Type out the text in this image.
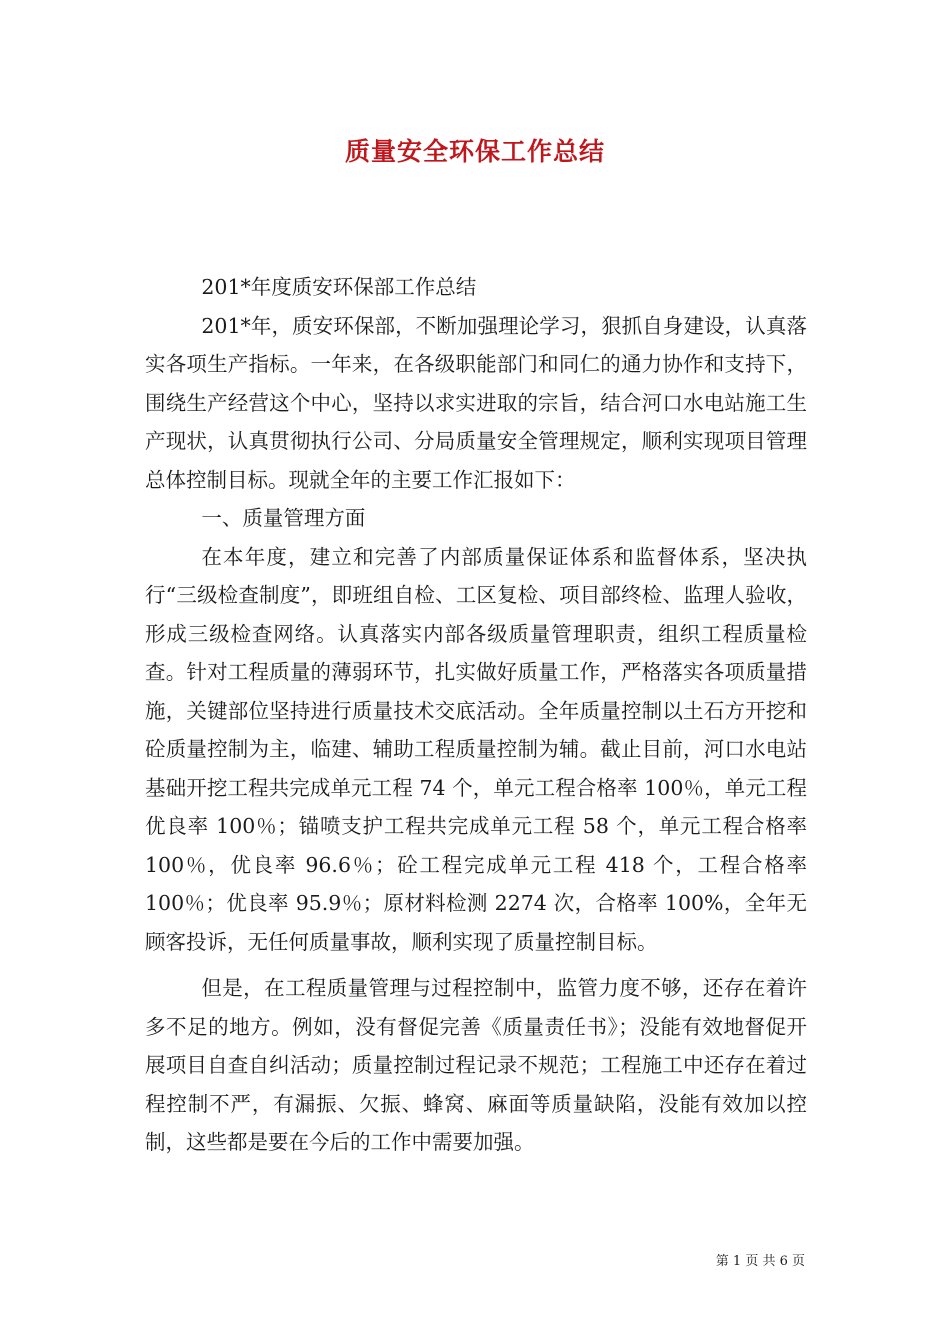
质量安全环保工作总结

201*年度质安环保部工作总结

201*年，质安环保部，不断加强理论学习，狠抓自身建设，认真落实各项生产指标。一年来，在各级职能部门和同仁的通力协作和支持下，围绕生产经营这个中心，坚持以求实进取的宗旨，结合河口水电站施工生产现状，认真贯彻执行公司、分局质量安全管理规定，顺利实现项目管理总体控制目标。现就全年的主要工作汇报如下：

一、质量管理方面

在本年度，建立和完善了内部质量保证体系和监督体系，坚决执行“三级检查制度”，即班组自检、工区复检、项目部终检、监理人验收，形成三级检查网络。认真落实内部各级质量管理职责，组织工程质量检查。针对工程质量的薄弱环节，扎实做好质量工作，严格落实各项质量措施，关键部位坚持进行质量技术交底活动。全年质量控制以土石方开挖和砼质量控制为主，临建、辅助工程质量控制为辅。截止目前，河口水电站基础开挖工程共完成单元工程 74 个，单元工程合格率 100％，单元工程优良率 100％；锚喷支护工程共完成单元工程 58 个，单元工程合格率 100％，优良率 96.6％；砼工程完成单元工程 418 个，工程合格率 100％；优良率 95.9％；原材料检测 2274 次，合格率 100%，全年无顾客投诉，无任何质量事故，顺利实现了质量控制目标。

但是，在工程质量管理与过程控制中，监管力度不够，还存在着许多不足的地方。例如，没有督促完善《质量责任书》；没能有效地督促开展项目自查自纠活动；质量控制过程记录不规范；工程施工中还存在着过程控制不严，有漏振、欠振、蜂窝、麻面等质量缺陷，没能有效加以控制，这些都是要在今后的工作中需要加强。

第 1 页 共 6 页
